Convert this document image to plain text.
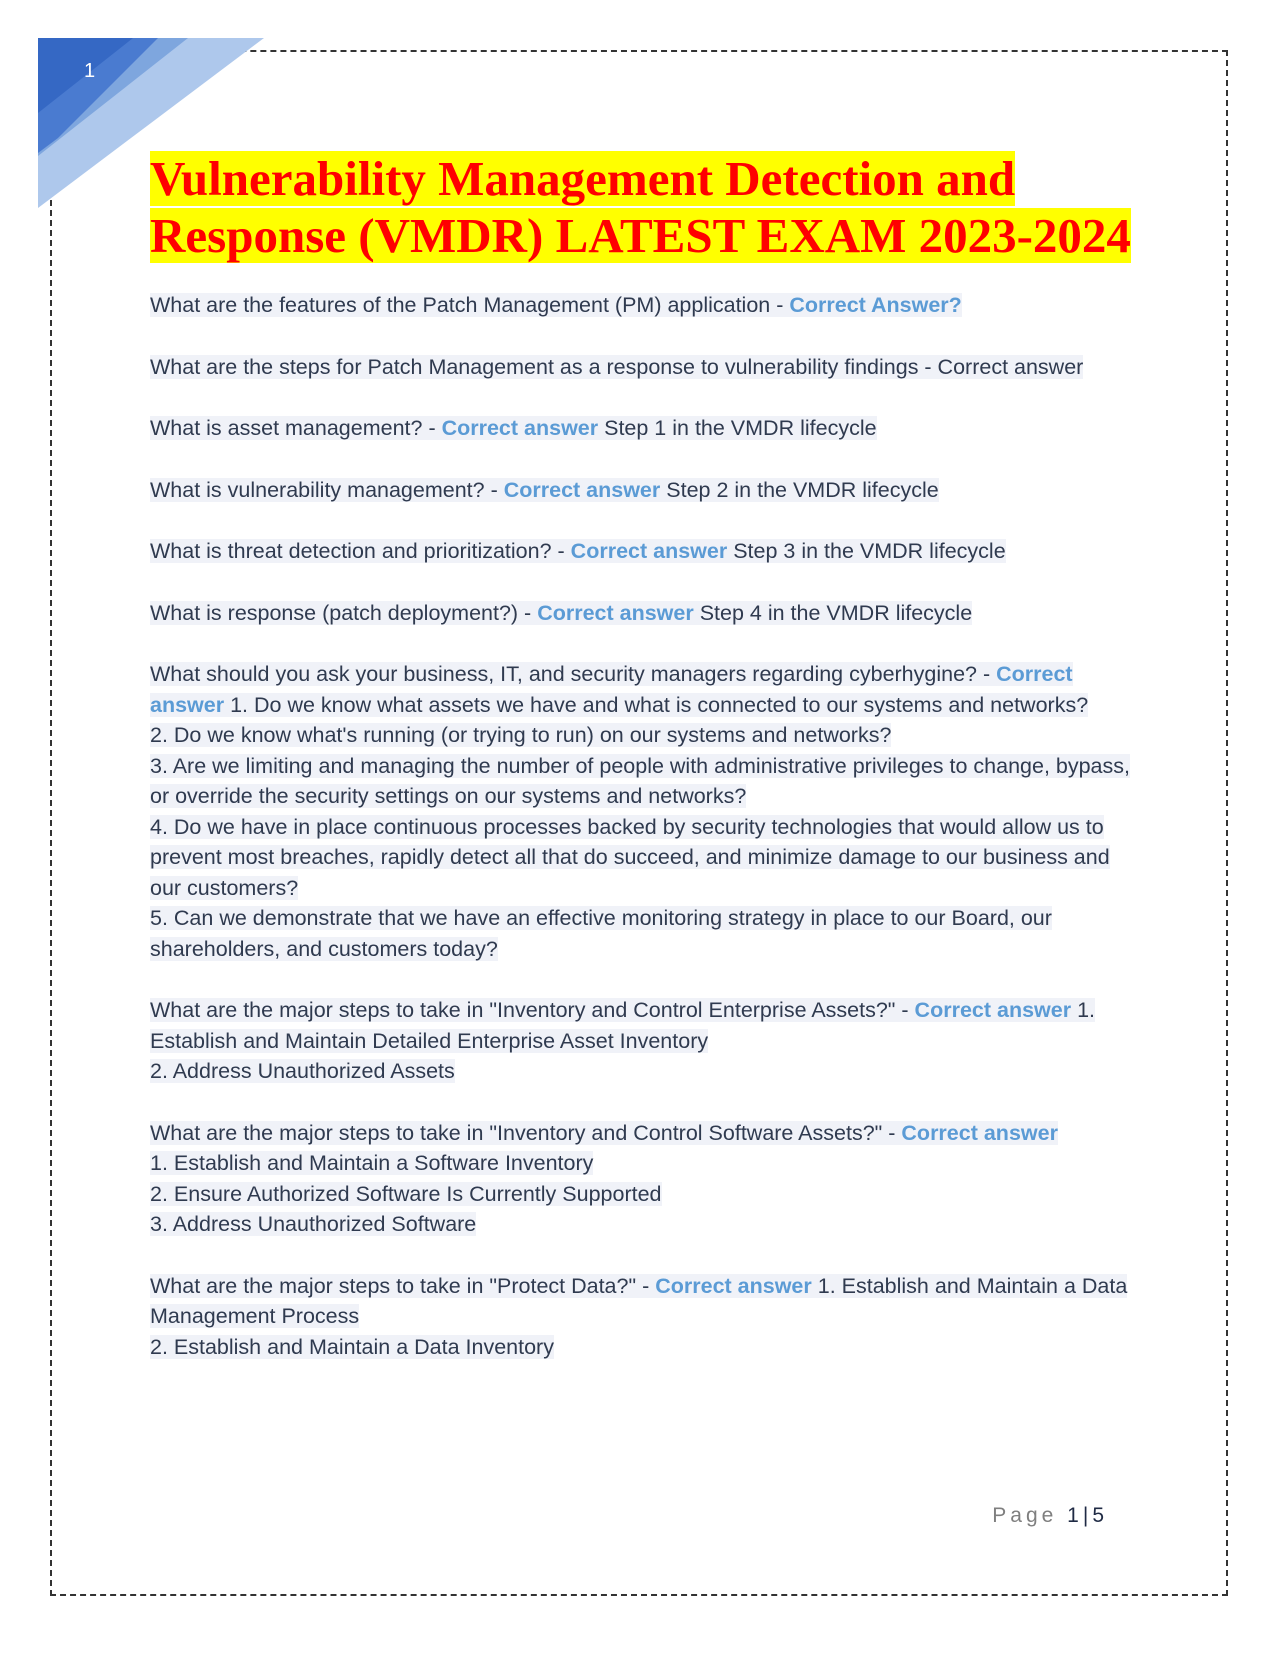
1
Vulnerability Management Detection and Response (VMDR) LATEST EXAM 2023-2024

What are the features of the Patch Management (PM) application - Correct Answer?

What are the steps for Patch Management as a response to vulnerability findings - Correct answer

What is asset management? - Correct answer Step 1 in the VMDR lifecycle

What is vulnerability management? - Correct answer Step 2 in the VMDR lifecycle

What is threat detection and prioritization? - Correct answer Step 3 in the VMDR lifecycle

What is response (patch deployment?) - Correct answer Step 4 in the VMDR lifecycle

What should you ask your business, IT, and security managers regarding cyberhygine? - Correct answer 1. Do we know what assets we have and what is connected to our systems and networks?
2. Do we know what's running (or trying to run) on our systems and networks?
3. Are we limiting and managing the number of people with administrative privileges to change, bypass, or override the security settings on our systems and networks?
4. Do we have in place continuous processes backed by security technologies that would allow us to prevent most breaches, rapidly detect all that do succeed, and minimize damage to our business and our customers?
5. Can we demonstrate that we have an effective monitoring strategy in place to our Board, our shareholders, and customers today?

What are the major steps to take in "Inventory and Control Enterprise Assets?" - Correct answer 1. Establish and Maintain Detailed Enterprise Asset Inventory
2. Address Unauthorized Assets

What are the major steps to take in "Inventory and Control Software Assets?" - Correct answer
1. Establish and Maintain a Software Inventory
2. Ensure Authorized Software Is Currently Supported
3. Address Unauthorized Software

What are the major steps to take in "Protect Data?" - Correct answer 1. Establish and Maintain a Data Management Process
2. Establish and Maintain a Data Inventory

Page 1 | 5
